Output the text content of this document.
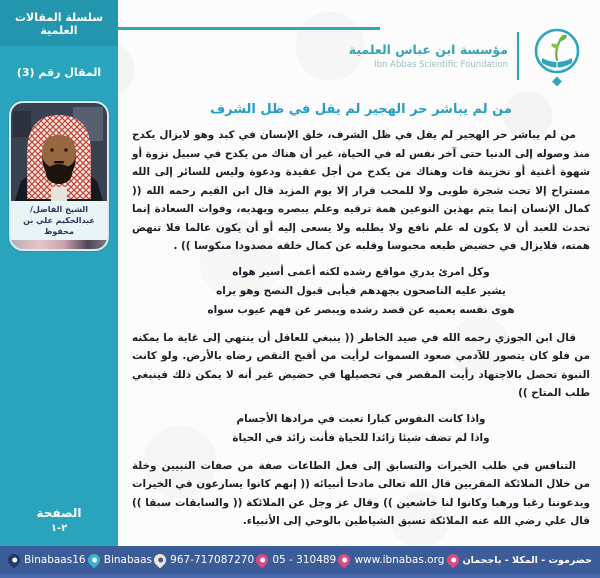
سلسلة المقالات العلمية
المقال رقم (3)
الشيخ الفاضل/
عبدالحكيم علي بن محفوظ
الصفحة
٢-١
مؤسسة ابن عباس العلمية
Ibn Abbas Scientific Foundation
من لم يباشر حر الهجير لم يقل في ظل الشرف

من لم يباشر حر الهجير لم يقل في ظل الشرف، خلق الإنسان في كبد وهو لايزال يكدح منذ وصوله إلى الدنيا حتى آخر نفس له في الحياة، غير أن هناك من يكدح في سبيل نزوة أو شهوة أغنية أو تخزينة قات وهناك من يكدح من أجل عقيدة ودعوة وليس للسائر إلى الله مستراح إلا تحت شجرة طوبى ولا للمحب قرار إلا يوم المزيد قال ابن القيم رحمه الله (( كمال الإنسان إنما يتم بهذين النوعين همة ترقيه وعلم يبصره ويهديه، وفوات السعادة إنما تحدث للعبد أن لا يكون له علم نافع ولا يطلبه ولا يسعى إليه أو أن يكون عالما فلا تنهض همته، فلايزال في حضيض طبعه محبوسا وقلبه عن كمال خلقه مصدودا منكوسا )) .

وكل امرئ يدري مواقع رشده لكنه أعمى أسير هواه
يشير عليه الناصحون بجهدهم فيأبى قبول النصح وهو يراه
هوى نفسه يعميه عن قصد رشده ويبصر عن فهم عيوب سواه

قال ابن الجوزي رحمه الله في صيد الخاطر (( ينبغي للعاقل أن ينتهي إلى غاية ما يمكنه من فلو كان يتصور للآدمي صعود السموات لرأيت من أقبح النقص رضاه بالأرض. ولو كانت النبوة تحصل بالاجتهاد رأيت المقصر في تحصيلها في حضيض غير أنه لا يمكن ذلك فينبغي طلب المتاح ))

واذا كانت النفوس كبارا تعبت في مرادها الأجسام
واذا لم تضف شيئا زائدا للحياة فأنت زائد في الحياة

التنافس في طلب الخيرات والتسابق إلى فعل الطاعات صفة من صفات النبيين وخلة من خلال الملائكة المقربين قال الله تعالى مادحا أنبيائه (( إنهم كانوا يسارعون في الخيرات ويدعوننا رغبا ورهبا وكانوا لنا خاشعين )) وقال عز وجل عن الملائكة (( والسابقات سبقا )) قال علي رضي الله عنه الملائكة تسبق الشياطين بالوحي إلى الأنبياء.

Binabaas16 Binabaas 967-717087270 05 - 310489 www.ibnabas.org حضرموت - المكلا - باجحمان
